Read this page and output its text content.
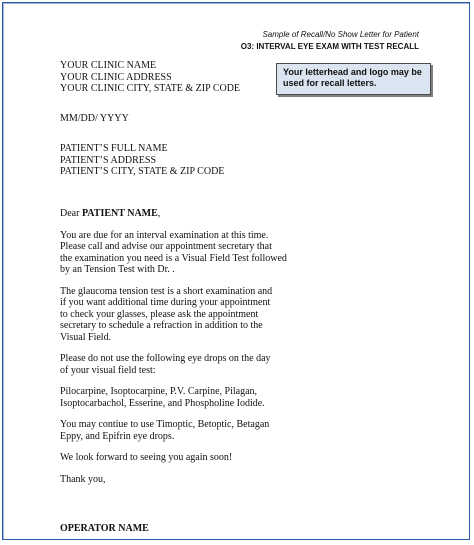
Sample of Recall/No Show Letter for Patient
O3: INTERVAL EYE EXAM WITH TEST RECALL
Your letterhead and logo may be
used for recall letters.

YOUR CLINIC NAME

YOUR CLINIC ADDRESS

YOUR CLINIC CITY, STATE & ZIP CODE

MM/DD/ YYYY

PATIENT’S FULL NAME

PATIENT’S ADDRESS

PATIENT’S CITY, STATE & ZIP CODE

Dear PATIENT NAME,

You are due for an interval examination at this time.
Please call and advise our appointment secretary that
the examination you need is a Visual Field Test followed
by an Tension Test with Dr. .

The glaucoma tension test is a short examination and
if you want additional time during your appointment
to check your glasses, please ask the appointment
secretary to schedule a refraction in addition to the
Visual Field.

Please do not use the following eye drops on the day
of your visual field test:

Pilocarpine, Isoptocarpine, P.V. Carpine, Pilagan,
Isoptocarbachol, Esserine, and Phospholine Iodide.

You may contiue to use Timoptic, Betoptic, Betagan
Eppy, and Epifrin eye drops.

We look forward to seeing you again soon!

Thank you,

OPERATOR NAME
